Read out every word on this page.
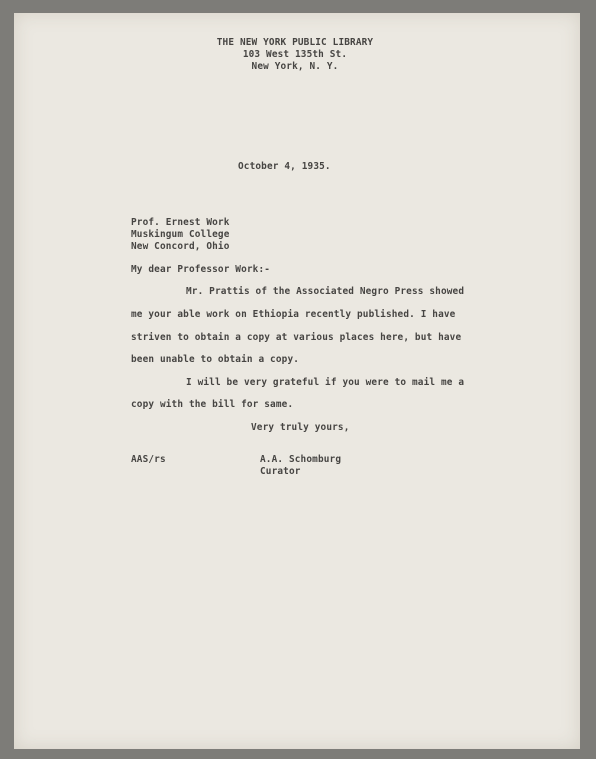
THE NEW YORK PUBLIC LIBRARY
103 West 135th St.
New York, N. Y.
October 4, 1935.
Prof. Ernest Work
Muskingum College
New Concord, Ohio
My dear Professor Work:-
Mr. Prattis of the Associated Negro Press showed
me your able work on Ethiopia recently published. I have
striven to obtain a copy at various places here, but have
been unable to obtain a copy.
I will be very grateful if you were to mail me a
copy with the bill for same.
Very truly yours,
AAS/rs	A.A. Schomburg
Curator
